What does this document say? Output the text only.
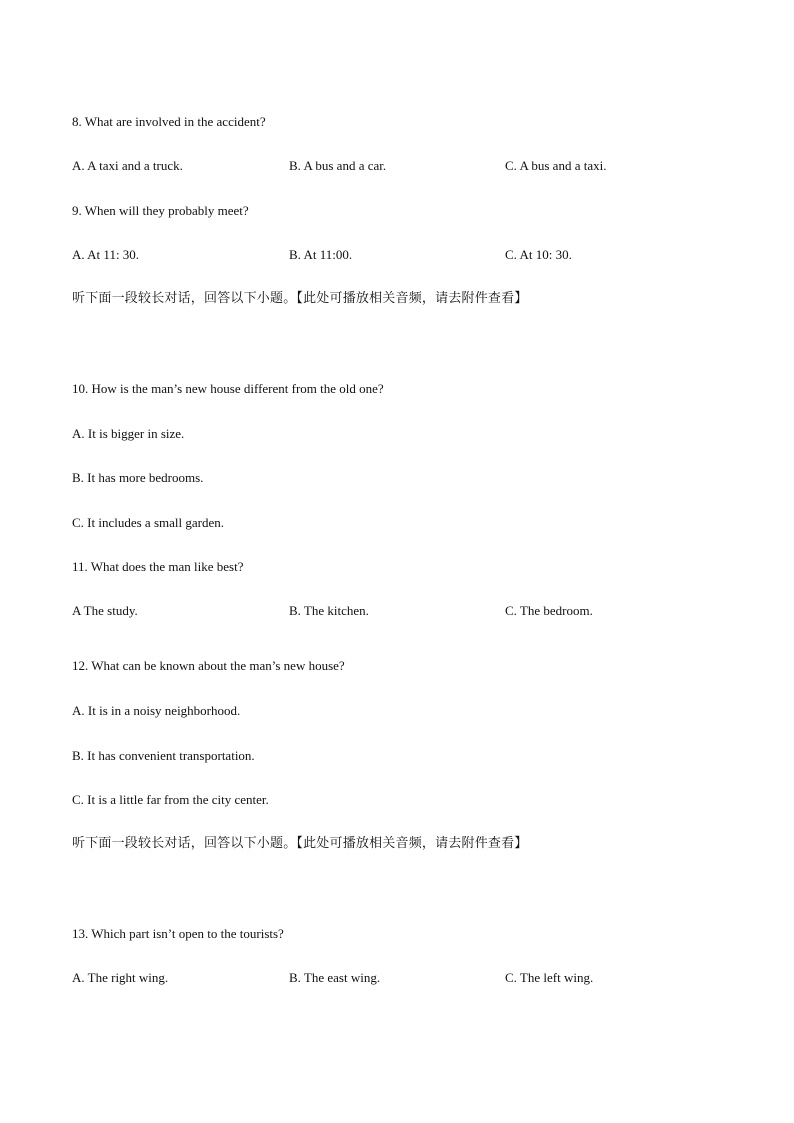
8. What are involved in the accident?
A. A taxi and a truck.	B. A bus and a car.	C. A bus and a taxi.
9. When will they probably meet?
A. At 11: 30.	B. At 11:00.	C. At 10: 30.
听下面一段较长对话，回答以下小题。【此处可播放相关音频，请去附件查看】
10. How is the man’s new house different from the old one?
A. It is bigger in size.
B. It has more bedrooms.
C. It includes a small garden.
11. What does the man like best?
A The study.	B. The kitchen.	C. The bedroom.
12. What can be known about the man’s new house?
A. It is in a noisy neighborhood.
B. It has convenient transportation.
C. It is a little far from the city center.
听下面一段较长对话，回答以下小题。【此处可播放相关音频，请去附件查看】
13. Which part isn’t open to the tourists?
A. The right wing.	B. The east wing.	C. The left wing.
